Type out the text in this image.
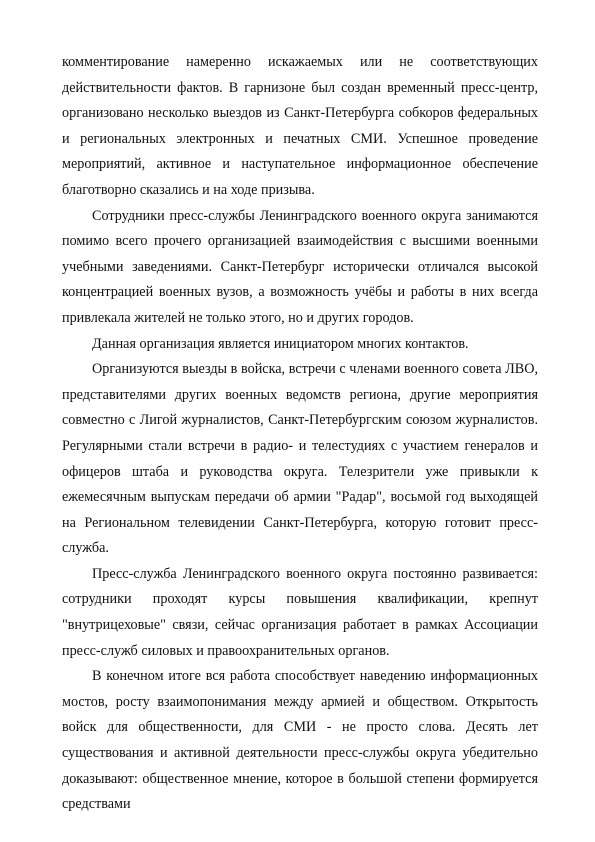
комментирование намеренно искажаемых или не соответствующих действительности фактов. В гарнизоне был создан временный пресс-центр, организовано несколько выездов из Санкт-Петербурга собкоров федеральных и региональных электронных и печатных СМИ. Успешное проведение мероприятий, активное и наступательное информационное обеспечение благотворно сказались и на ходе призыва.

Сотрудники пресс-службы Ленинградского военного округа занимаются помимо всего прочего организацией взаимодействия с высшими военными учебными заведениями. Санкт-Петербург исторически отличался высокой концентрацией военных вузов, а возможность учёбы и работы в них всегда привлекала жителей не только этого, но и других городов.

Данная организация является инициатором многих контактов.

Организуются выезды в войска, встречи с членами военного совета ЛВО, представителями других военных ведомств региона, другие мероприятия совместно с Лигой журналистов, Санкт-Петербургским союзом журналистов. Регулярными стали встречи в радио- и телестудиях с участием генералов и офицеров штаба и руководства округа. Телезрители уже привыкли к ежемесячным выпускам передачи об армии "Радар", восьмой год выходящей на Региональном телевидении Санкт-Петербурга, которую готовит пресс-служба.

Пресс-служба Ленинградского военного округа постоянно развивается: сотрудники проходят курсы повышения квалификации, крепнут "внутрицеховые" связи, сейчас организация работает в рамках Ассоциации пресс-служб силовых и правоохранительных органов.

В конечном итоге вся работа способствует наведению информационных мостов, росту взаимопонимания между армией и обществом. Открытость войск для общественности, для СМИ - не просто слова. Десять лет существования и активной деятельности пресс-службы округа убедительно доказывают: общественное мнение, которое в большой степени формируется средствами
